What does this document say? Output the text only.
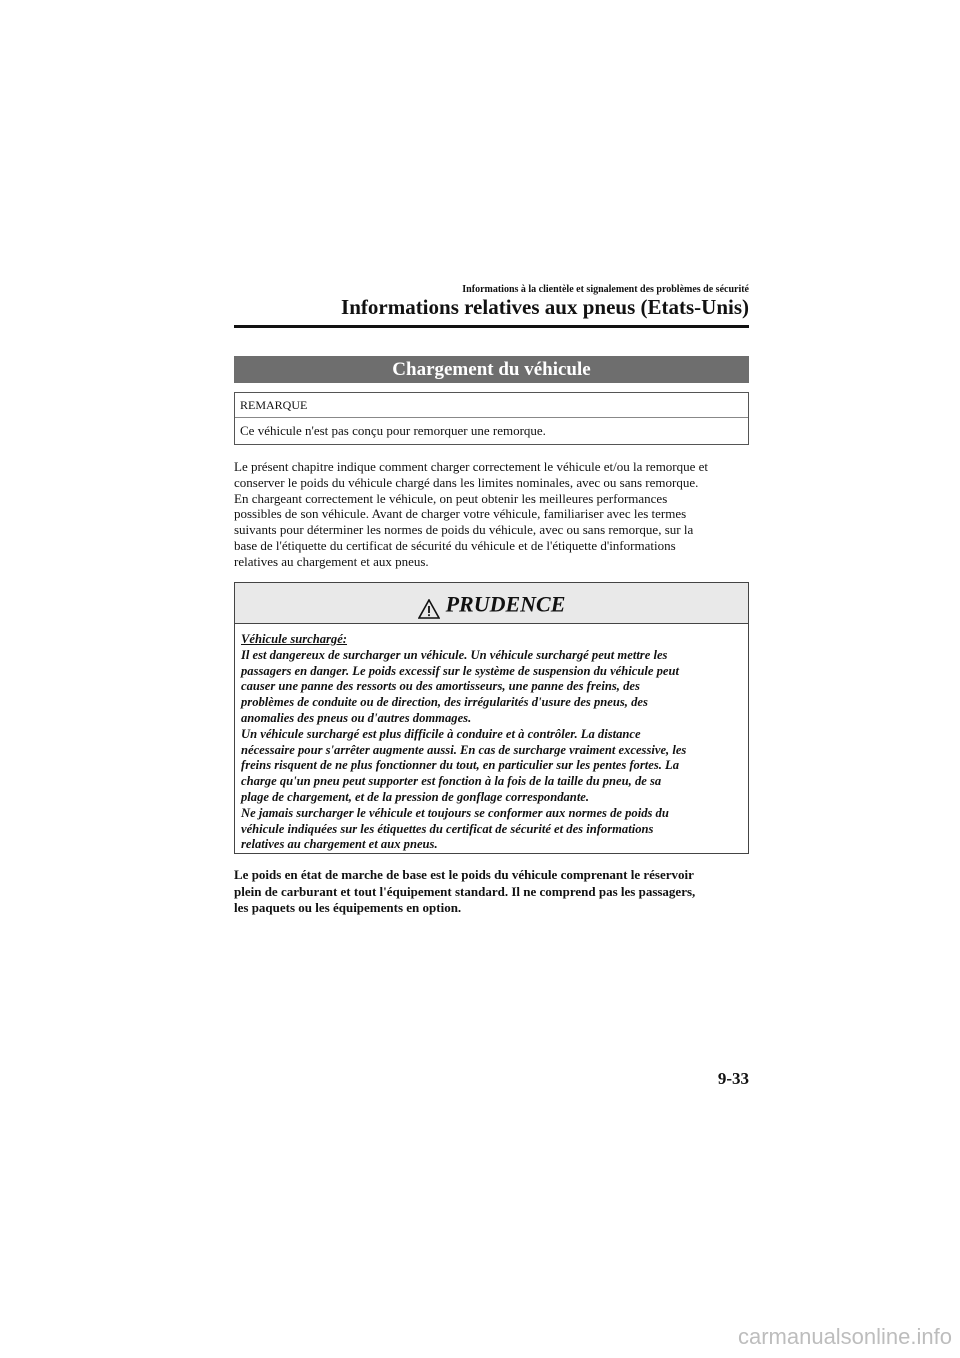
Informations à la clientèle et signalement des problèmes de sécurité
Informations relatives aux pneus (Etats-Unis)
Chargement du véhicule
REMARQUE
Ce véhicule n'est pas conçu pour remorquer une remorque.
Le présent chapitre indique comment charger correctement le véhicule et/ou la remorque et
conserver le poids du véhicule chargé dans les limites nominales, avec ou sans remorque.
En chargeant correctement le véhicule, on peut obtenir les meilleures performances
possibles de son véhicule. Avant de charger votre véhicule, familiariser avec les termes
suivants pour déterminer les normes de poids du véhicule, avec ou sans remorque, sur la
base de l'étiquette du certificat de sécurité du véhicule et de l'étiquette d'informations
relatives au chargement et aux pneus.
PRUDENCE

Véhicule surchargé:

Il est dangereux de surcharger un véhicule. Un véhicule surchargé peut mettre les

passagers en danger. Le poids excessif sur le système de suspension du véhicule peut

causer une panne des ressorts ou des amortisseurs, une panne des freins, des

problèmes de conduite ou de direction, des irrégularités d'usure des pneus, des

anomalies des pneus ou d'autres dommages.

Un véhicule surchargé est plus difficile à conduire et à contrôler. La distance

nécessaire pour s'arrêter augmente aussi. En cas de surcharge vraiment excessive, les

freins risquent de ne plus fonctionner du tout, en particulier sur les pentes fortes. La

charge qu'un pneu peut supporter est fonction à la fois de la taille du pneu, de sa

plage de chargement, et de la pression de gonflage correspondante.

Ne jamais surcharger le véhicule et toujours se conformer aux normes de poids du

véhicule indiquées sur les étiquettes du certificat de sécurité et des informations

relatives au chargement et aux pneus.

Le poids en état de marche de base est le poids du véhicule comprenant le réservoir
plein de carburant et tout l'équipement standard. Il ne comprend pas les passagers,
les paquets ou les équipements en option.
9-33
carmanualsonline.info
